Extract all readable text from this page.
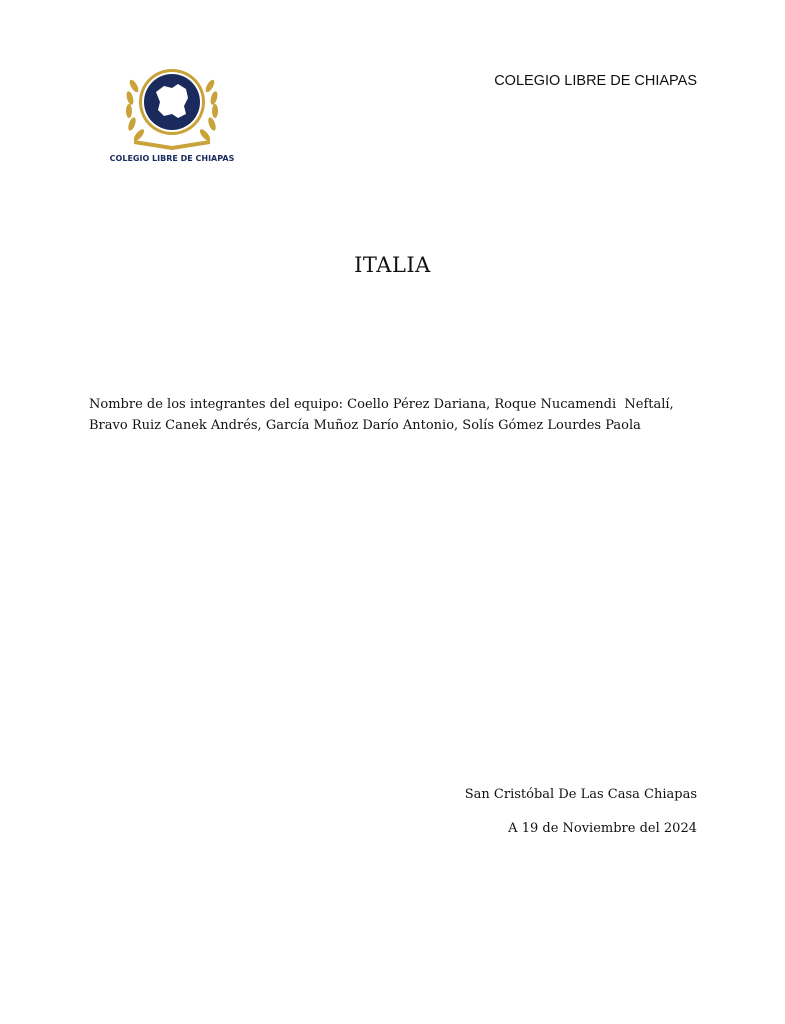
COLEGIO LIBRE DE CHIAPAS
COLEGIO LIBRE DE CHIAPAS
ITALIA
Nombre de los integrantes del equipo: Coello Pérez Dariana, Roque Nucamendi  Neftalí, Bravo Ruiz Canek Andrés, García Muñoz Darío Antonio, Solís Gómez Lourdes Paola
San Cristóbal De Las Casa Chiapas
A 19 de Noviembre del 2024
